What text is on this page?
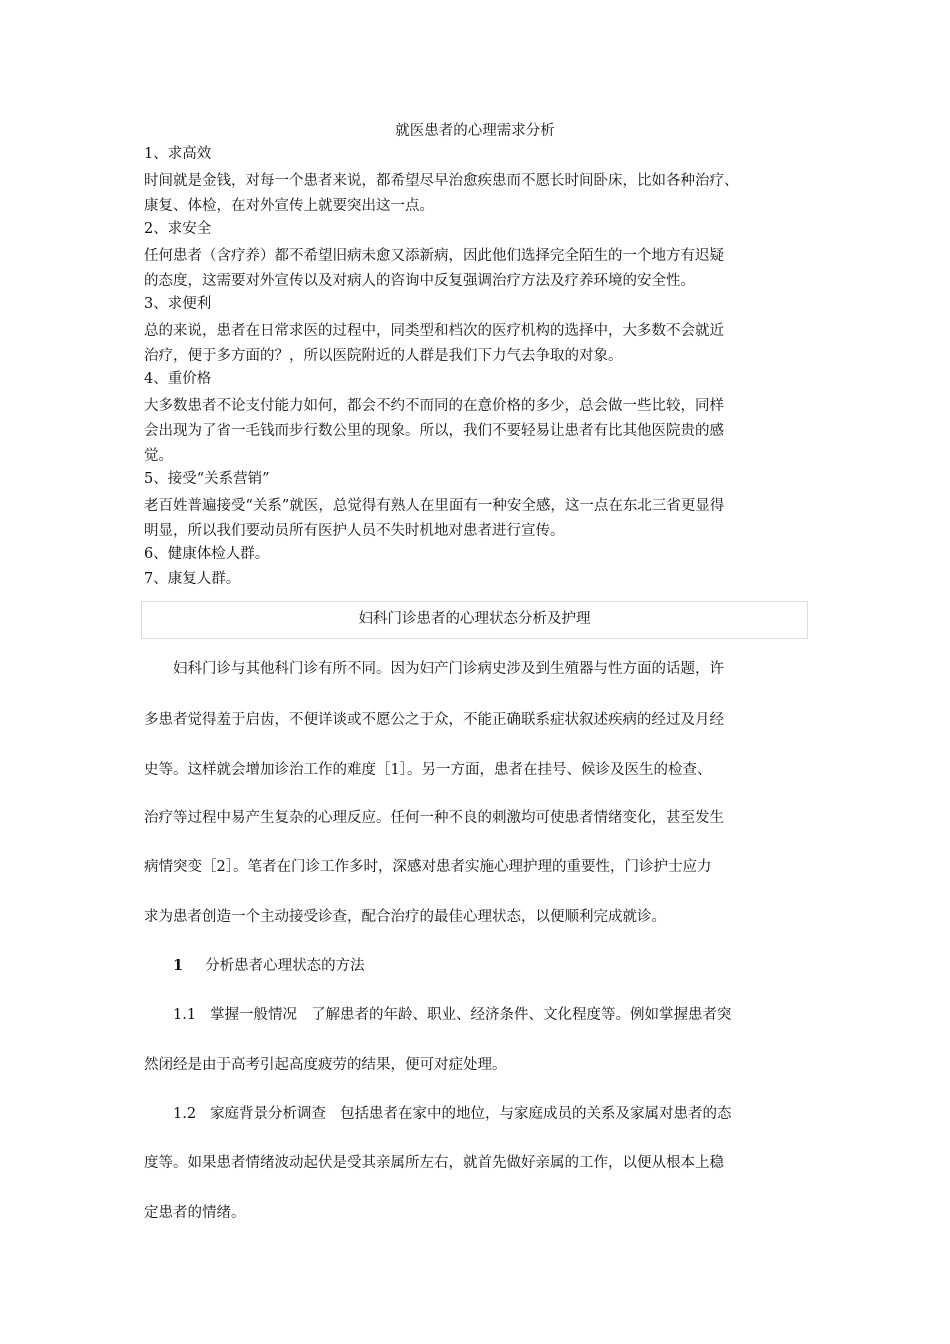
就医患者的心理需求分析
1、求高效
时间就是金钱，对每一个患者来说，都希望尽早治愈疾患而不愿长时间卧床，比如各种治疗、
康复、体检，在对外宣传上就要突出这一点。
2、求安全
任何患者（含疗养）都不希望旧病未愈又添新病，因此他们选择完全陌生的一个地方有迟疑
的态度，这需要对外宣传以及对病人的咨询中反复强调治疗方法及疗养环境的安全性。
3、求便利
总的来说，患者在日常求医的过程中，同类型和档次的医疗机构的选择中，大多数不会就近
治疗，便于多方面的？，所以医院附近的人群是我们下力气去争取的对象。
4、重价格
大多数患者不论支付能力如何，都会不约不而同的在意价格的多少，总会做一些比较，同样
会出现为了省一毛钱而步行数公里的现象。所以，我们不要轻易让患者有比其他医院贵的感
觉。
5、接受“关系营销”
老百姓普遍接受“关系”就医，总觉得有熟人在里面有一种安全感，这一点在东北三省更显得
明显，所以我们要动员所有医护人员不失时机地对患者进行宣传。
6、健康体检人群。
7、康复人群。
妇科门诊患者的心理状态分析及护理
妇科门诊与其他科门诊有所不同。因为妇产门诊病史涉及到生殖器与性方面的话题，许
多患者觉得羞于启齿，不便详谈或不愿公之于众，不能正确联系症状叙述疾病的经过及月经
史等。这样就会增加诊治工作的难度［1］。另一方面，患者在挂号、候诊及医生的检查、
治疗等过程中易产生复杂的心理反应。任何一种不良的刺激均可使患者情绪变化，甚至发生
病情突变［2］。笔者在门诊工作多时，深感对患者实施心理护理的重要性，门诊护士应力
求为患者创造一个主动接受诊查，配合治疗的最佳心理状态，以便顺利完成就诊。
1 分析患者心理状态的方法
1.1 掌握一般情况 了解患者的年龄、职业、经济条件、文化程度等。例如掌握患者突
然闭经是由于高考引起高度疲劳的结果，便可对症处理。
1.2 家庭背景分析调查 包括患者在家中的地位，与家庭成员的关系及家属对患者的态
度等。如果患者情绪波动起伏是受其亲属所左右，就首先做好亲属的工作，以便从根本上稳
定患者的情绪。
